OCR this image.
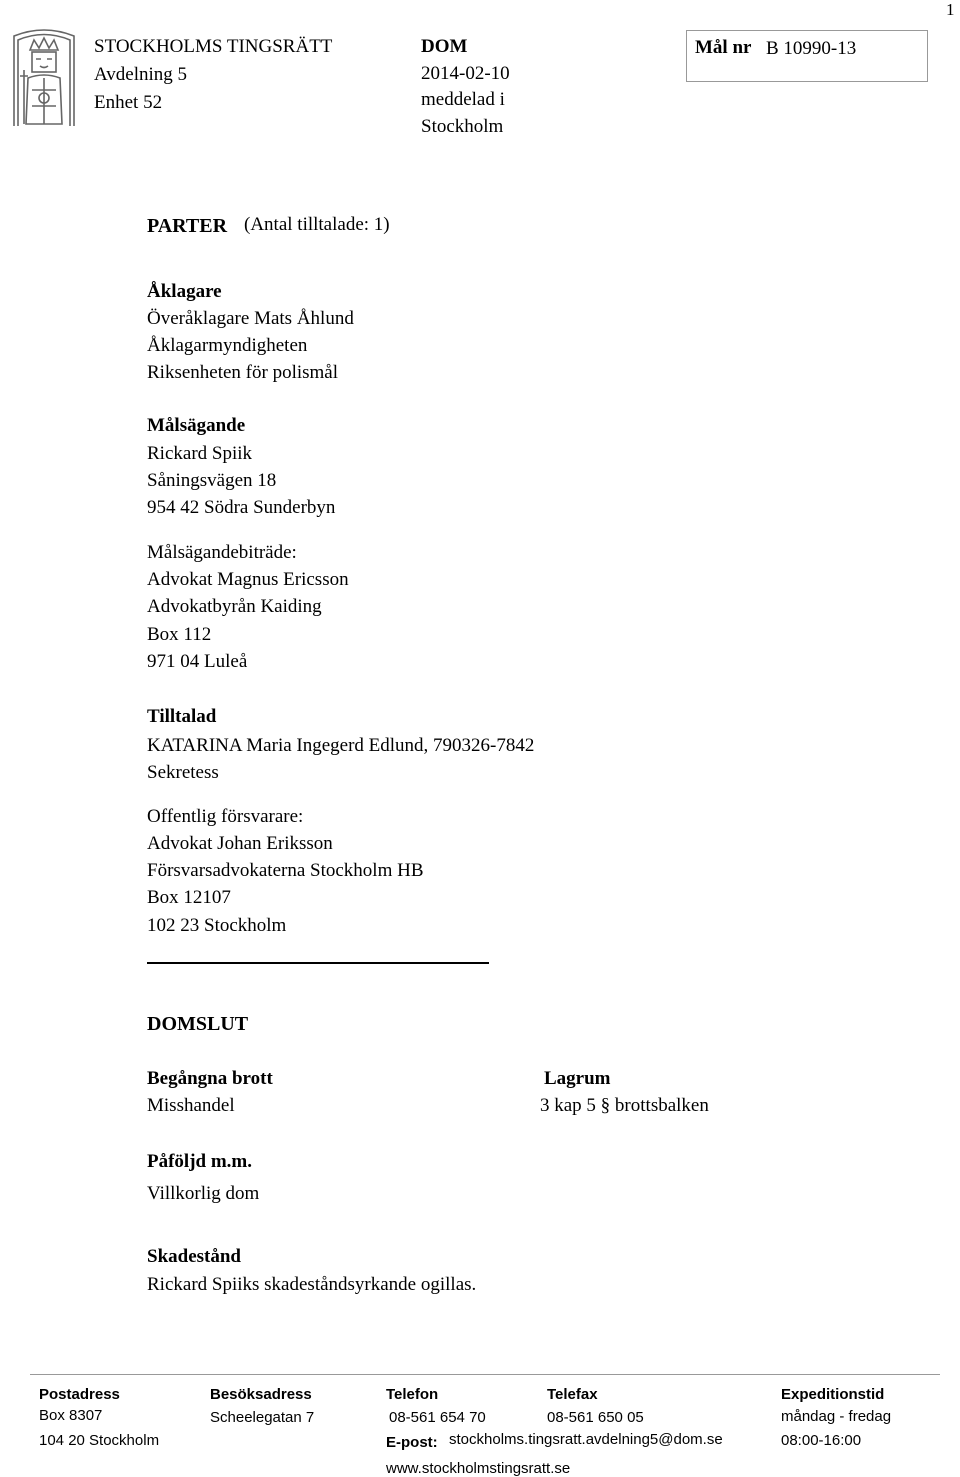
1
STOCKHOLMS TINGSRÄTT
Avdelning 5
Enhet 52
DOM
2014-02-10
meddelad i
Stockholm
Mål nr B 10990-13
PARTER (Antal tilltalade: 1)
Åklagare
Överåklagare Mats Åhlund
Åklagarmyndigheten
Riksenheten för polismål
Målsägande
Rickard Spiik
Såningsvägen 18
954 42 Södra Sunderbyn
Målsägandebiträde:
Advokat Magnus Ericsson
Advokatbyrån Kaiding
Box 112
971 04 Luleå
Tilltalad
KATARINA Maria Ingegerd Edlund, 790326-7842
Sekretess
Offentlig försvarare:
Advokat Johan Eriksson
Försvarsadvokaterna Stockholm HB
Box 12107
102 23 Stockholm
DOMSLUT
Begångna brott
Misshandel
Lagrum
3 kap 5 § brottsbalken
Påföljd m.m.
Villkorlig dom
Skadestånd
Rickard Spiiks skadeståndsyrkande ogillas.
Postadress
Box 8307
104 20 Stockholm
Besöksadress
Scheelegatan 7
Telefon
08-561 654 70
Telefax
08-561 650 05
E-post: stockholms.tingsratt.avdelning5@dom.se
www.stockholmstingsratt.se
Expeditionstid
måndag - fredag
08:00-16:00
